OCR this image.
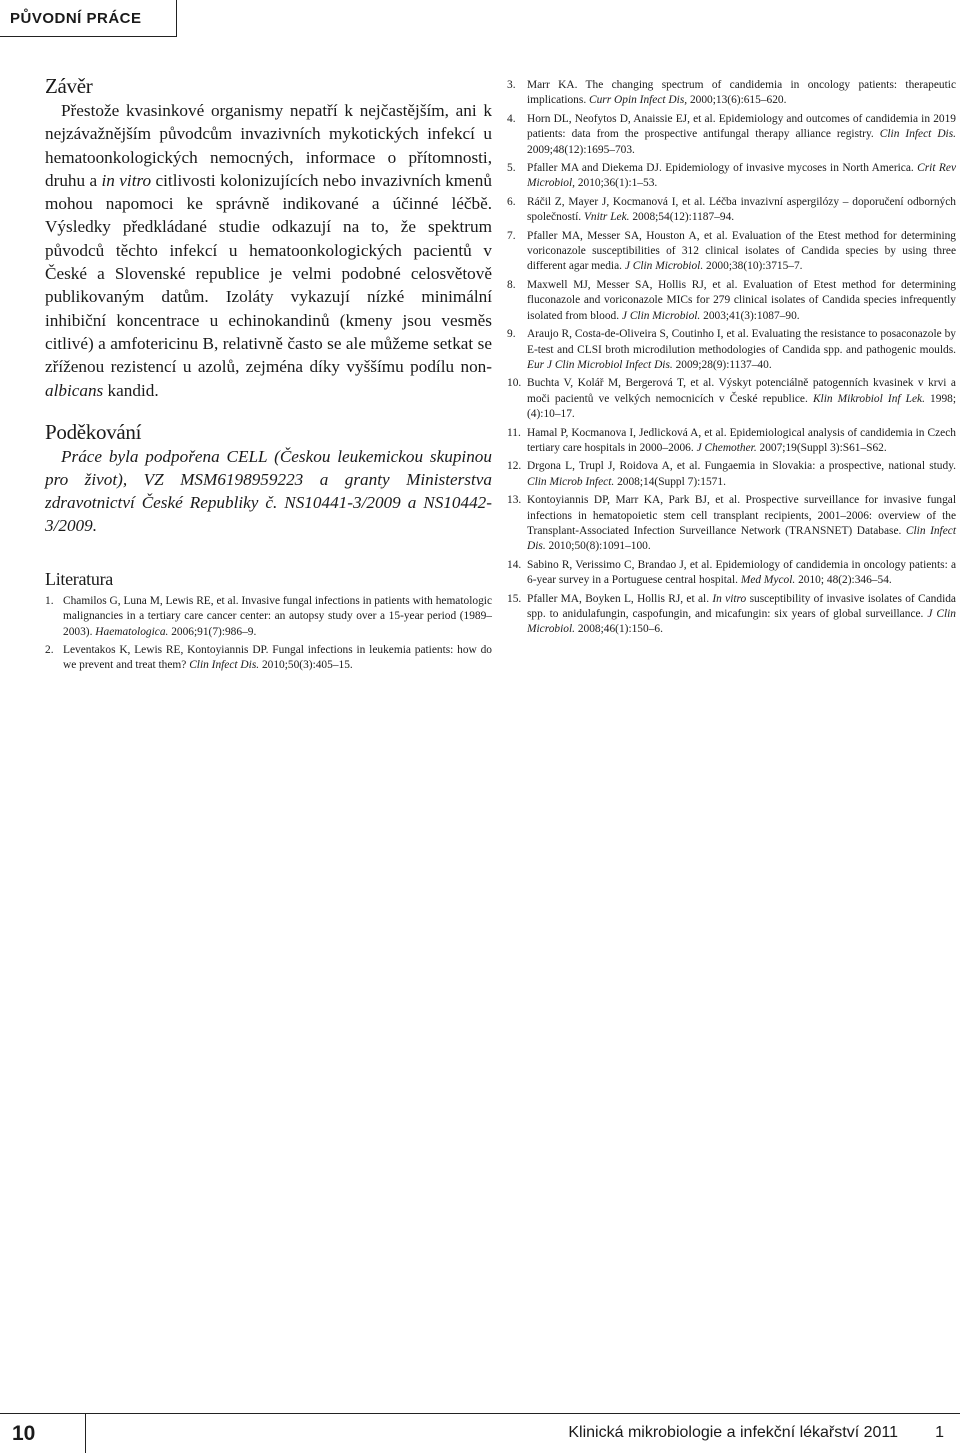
PŮVODNÍ PRÁCE
Závěr

Přestože kvasinkové organismy nepatří k nejčastějším, ani k nejzávažnějším původcům invazivních mykotických infekcí u hematoonkologických nemocných, informace o přítomnosti, druhu a in vitro citlivosti kolonizujících nebo invazivních kmenů mohou napomoci ke správně indikované a účinné léčbě. Výsledky předkládané studie odkazují na to, že spektrum původců těchto infekcí u hematoonkologických pacientů v České a Slovenské republice je velmi podobné celosvětově publikovaným datům. Izoláty vykazují nízké minimální inhibiční koncentrace u echinokandinů (kmeny jsou vesměs citlivé) a amfotericinu B, relativně často se ale můžeme setkat se zříženou rezistencí u azolů, zejména díky vyššímu podílu non-albicans kandid.

Poděkování

Práce byla podpořena CELL (Českou leukemickou skupinou pro život), VZ MSM6198959223 a granty Ministerstva zdravotnictví České Republiky č. NS10441-3/2009 a NS10442-3/2009.

Literatura
1. Chamilos G, Luna M, Lewis RE, et al. Invasive fungal infections in patients with hematologic malignancies in a tertiary care cancer center: an autopsy study over a 15-year period (1989–2003). Haematologica. 2006;91(7):986–9.
2. Leventakos K, Lewis RE, Kontoyiannis DP. Fungal infections in leukemia patients: how do we prevent and treat them? Clin Infect Dis. 2010;50(3):405–15.
3.	Marr KA. The changing spectrum of candidemia in oncology patients: therapeutic implications. Curr Opin Infect Dis, 2000;13(6):615–620.
4.	Horn DL, Neofytos D, Anaissie EJ, et al. Epidemiology and outcomes of candidemia in 2019 patients: data from the prospective antifungal therapy alliance registry. Clin Infect Dis. 2009;48(12):1695–703.
5.	Pfaller MA and Diekema DJ. Epidemiology of invasive mycoses in North America. Crit Rev Microbiol, 2010;36(1):1–53.
6.	Ráčil Z, Mayer J, Kocmanová I, et al. Léčba invazivní aspergilózy – doporučení odborných společností. Vnitr Lek. 2008;54(12):1187–94.
7.	Pfaller MA, Messer SA, Houston A, et al. Evaluation of the Etest method for determining voriconazole susceptibilities of 312 clinical isolates of Candida species by using three different agar media. J Clin Microbiol. 2000;38(10):3715–7.
8.	Maxwell MJ, Messer SA, Hollis RJ, et al. Evaluation of Etest method for determining fluconazole and voriconazole MICs for 279 clinical isolates of Candida species infrequently isolated from blood. J Clin Microbiol. 2003;41(3):1087–90.
9.	Araujo R, Costa-de-Oliveira S, Coutinho I, et al. Evaluating the resistance to posaconazole by E-test and CLSI broth microdilution methodologies of Candida spp. and pathogenic moulds. Eur J Clin Microbiol Infect Dis. 2009;28(9):1137–40.
10. Buchta V, Kolář M, Bergerová T, et al. Výskyt potenciálně patogenních kvasinek v krvi a moči pacientů ve velkých nemocnicích v České republice. Klin Mikrobiol Inf Lek. 1998;(4):10–17.
11. Hamal P, Kocmanova I, Jedlicková A, et al. Epidemiological analysis of candidemia in Czech tertiary care hospitals in 2000–2006. J Chemother. 2007;19(Suppl 3):S61–S62.
12. Drgona L, Trupl J, Roidova A, et al. Fungaemia in Slovakia: a prospective, national study. Clin Microb Infect. 2008;14(Suppl 7):1571.
13. Kontoyiannis DP, Marr KA, Park BJ, et al. Prospective surveillance for invasive fungal infections in hematopoietic stem cell transplant recipients, 2001–2006: overview of the Transplant-Associated Infection Surveillance Network (TRANSNET) Database. Clin Infect Dis. 2010;50(8):1091–100.
14. Sabino R, Verissimo C, Brandao J, et al. Epidemiology of candidemia in oncology patients: a 6-year survey in a Portuguese central hospital. Med Mycol. 2010; 48(2):346–54.
15. Pfaller MA, Boyken L, Hollis RJ, et al. In vitro susceptibility of invasive isolates of Candida spp. to anidulafungin, caspofungin, and micafungin: six years of global surveillance. J Clin Microbiol. 2008;46(1):150–6.
10	Klinická mikrobiologie a infekční lékařství 2011 1
